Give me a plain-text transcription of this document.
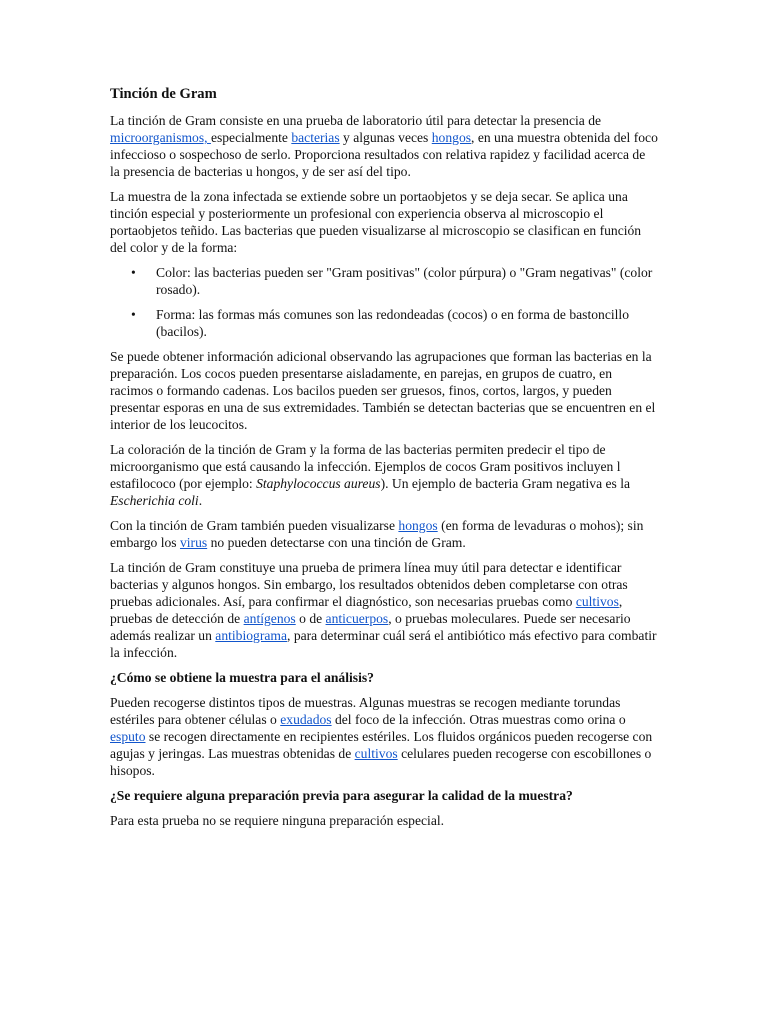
Tinción de Gram
La tinción de Gram consiste en una prueba de laboratorio útil para detectar la presencia de microorganismos, especialmente bacterias y algunas veces hongos, en una muestra obtenida del foco infeccioso o sospechoso de serlo. Proporciona resultados con relativa rapidez y facilidad acerca de la presencia de bacterias u hongos, y de ser así del tipo.
La muestra de la zona infectada se extiende sobre un portaobjetos y se deja secar. Se aplica una tinción especial y posteriormente un profesional con experiencia observa al microscopio el portaobjetos teñido. Las bacterias que pueden visualizarse al microscopio se clasifican en función del color y de la forma:
• Color: las bacterias pueden ser "Gram positivas" (color púrpura) o "Gram negativas" (color rosado).
• Forma: las formas más comunes son las redondeadas (cocos) o en forma de bastoncillo (bacilos).
Se puede obtener información adicional observando las agrupaciones que forman las bacterias en la preparación. Los cocos pueden presentarse aisladamente, en parejas, en grupos de cuatro, en racimos o formando cadenas. Los bacilos pueden ser gruesos, finos, cortos, largos, y pueden presentar esporas en una de sus extremidades. También se detectan bacterias que se encuentren en el interior de los leucocitos.
La coloración de la tinción de Gram y la forma de las bacterias permiten predecir el tipo de microorganismo que está causando la infección. Ejemplos de cocos Gram positivos incluyen l estafilococo (por ejemplo: Staphylococcus aureus). Un ejemplo de bacteria Gram negativa es la Escherichia coli.
Con la tinción de Gram también pueden visualizarse hongos (en forma de levaduras o mohos); sin embargo los virus no pueden detectarse con una tinción de Gram.
La tinción de Gram constituye una prueba de primera línea muy útil para detectar e identificar bacterias y algunos hongos. Sin embargo, los resultados obtenidos deben completarse con otras pruebas adicionales. Así, para confirmar el diagnóstico, son necesarias pruebas como cultivos, pruebas de detección de antígenos o de anticuerpos, o pruebas moleculares. Puede ser necesario además realizar un antibiograma, para determinar cuál será el antibiótico más efectivo para combatir la infección.
¿Cómo se obtiene la muestra para el análisis?
Pueden recogerse distintos tipos de muestras. Algunas muestras se recogen mediante torundas estériles para obtener células o exudados del foco de la infección. Otras muestras como orina o esputo se recogen directamente en recipientes estériles. Los fluidos orgánicos pueden recogerse con agujas y jeringas. Las muestras obtenidas de cultivos celulares pueden recogerse con escobillones o hisopos.
¿Se requiere alguna preparación previa para asegurar la calidad de la muestra?
Para esta prueba no se requiere ninguna preparación especial.
